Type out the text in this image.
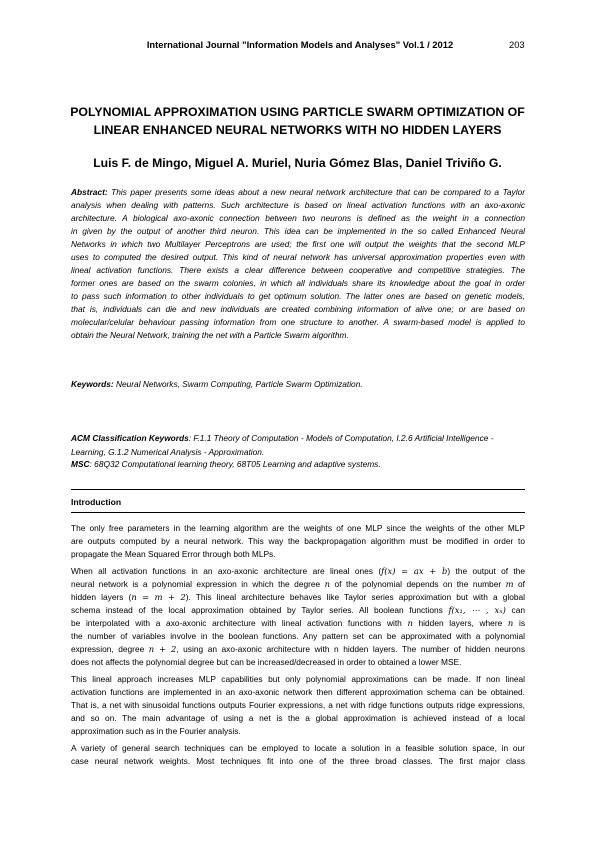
International Journal "Information Models and Analyses" Vol.1 / 2012	203
POLYNOMIAL APPROXIMATION USING PARTICLE SWARM OPTIMIZATION OF
LINEAR ENHANCED NEURAL NETWORKS WITH NO HIDDEN LAYERS
Luis F. de Mingo, Miguel A. Muriel, Nuria Gómez Blas, Daniel Triviño G.
Abstract: This paper presents some ideas about a new neural network architecture that can be compared to a Taylor
analysis when dealing with patterns. Such architecture is based on lineal activation functions with an axo-axonic
architecture. A biological axo-axonic connection between two neurons is defined as the weight in a connection
in given by the output of another third neuron. This idea can be implemented in the so called Enhanced Neural
Networks in which two Multilayer Perceptrons are used; the first one will output the weights that the second MLP
uses to computed the desired output. This kind of neural network has universal approximation properties even with
lineal activation functions. There exists a clear difference between cooperative and competitive strategies. The
former ones are based on the swarm colonies, in which all individuals share its knowledge about the goal in order
to pass such information to other individuals to get optimum solution. The latter ones are based on genetic models,
that is, individuals can die and new individuals are created combining information of alive one; or are based on
molecular/celular behaviour passing information from one structure to another. A swarm-based model is applied to
obtain the Neural Network, training the net with a Particle Swarm algorithm.
Keywords: Neural Networks, Swarm Computing, Particle Swarm Optimization.
ACM Classification Keywords: F.1.1 Theory of Computation - Models of Computation, I.2.6 Artificial Intelligence -
Learning, G.1.2 Numerical Analysis - Approximation.
MSC: 68Q32 Computational learning theory, 68T05 Learning and adaptive systems.
Introduction
The only free parameters in the learning algorithm are the weights of one MLP since the weights of the other MLP
are outputs computed by a neural network. This way the backpropagation algorithm must be modified in order to
propagate the Mean Squared Error through both MLPs.
When all activation functions in an axo-axonic architecture are lineal ones (f(x) = ax + b) the output of the
neural network is a polynomial expression in which the degree n of the polynomial depends on the number m of
hidden layers (n = m + 2). This lineal architecture behaves like Taylor series approximation but with a global
schema instead of the local approximation obtained by Taylor series. All boolean functions f(x₁, ⋯ , xₙ) can
be interpolated with a axo-axonic architecture with lineal activation functions with n hidden layers, where n is
the number of variables involve in the boolean functions. Any pattern set can be approximated with a polynomial
expression, degree n + 2, using an axo-axonic architecture with n hidden layers. The number of hidden neurons
does not affects the polynomial degree but can be increased/decreased in order to obtained a lower MSE.
This lineal approach increases MLP capabilities but only polynomial approximations can be made. If non lineal
activation functions are implemented in an axo-axonic network then different approximation schema can be obtained.
That is, a net with sinusoidal functions outputs Fourier expressions, a net with ridge functions outputs ridge expressions,
and so on. The main advantage of using a net is the a global approximation is achieved instead of a local
approximation such as in the Fourier analysis.
A variety of general search techniques can be employed to locate a solution in a feasible solution space, in our
case neural network weights. Most techniques fit into one of the three broad classes. The first major class
